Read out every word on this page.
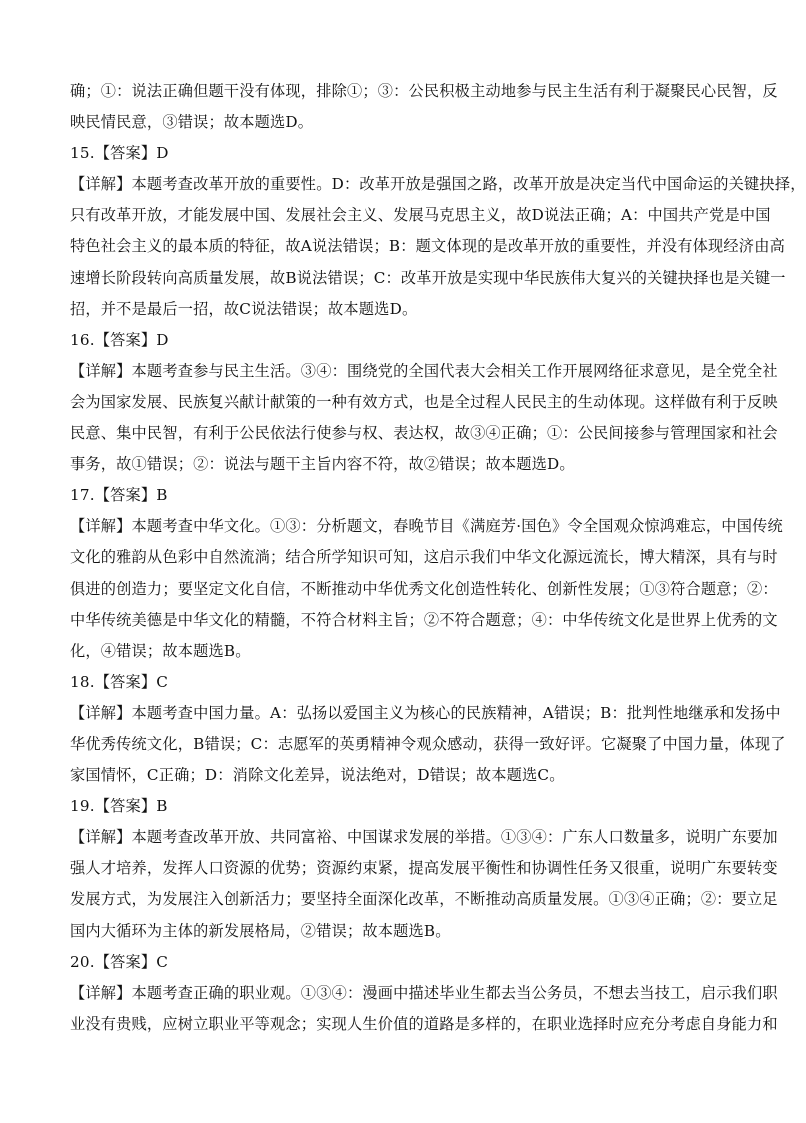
确；①：说法正确但题干没有体现，排除①；③：公民积极主动地参与民主生活有利于凝聚民心民智，反
映民情民意，③错误；故本题选D。
15.【答案】D
【详解】本题考查改革开放的重要性。D：改革开放是强国之路，改革开放是决定当代中国命运的关键抉择，
只有改革开放，才能发展中国、发展社会主义、发展马克思主义，故D说法正确；A：中国共产党是中国
特色社会主义的最本质的特征，故A说法错误；B：题文体现的是改革开放的重要性，并没有体现经济由高
速增长阶段转向高质量发展，故B说法错误；C：改革开放是实现中华民族伟大复兴的关键抉择也是关键一
招，并不是最后一招，故C说法错误；故本题选D。
16.【答案】D
【详解】本题考查参与民主生活。③④：围绕党的全国代表大会相关工作开展网络征求意见，是全党全社
会为国家发展、民族复兴献计献策的一种有效方式，也是全过程人民民主的生动体现。这样做有利于反映
民意、集中民智，有利于公民依法行使参与权、表达权，故③④正确；①：公民间接参与管理国家和社会
事务，故①错误；②：说法与题干主旨内容不符，故②错误；故本题选D。
17.【答案】B
【详解】本题考查中华文化。①③：分析题文，春晚节目《满庭芳·国色》令全国观众惊鸿难忘，中国传统
文化的雅韵从色彩中自然流淌；结合所学知识可知，这启示我们中华文化源远流长，博大精深，具有与时
俱进的创造力；要坚定文化自信，不断推动中华优秀文化创造性转化、创新性发展；①③符合题意；②：
中华传统美德是中华文化的精髓，不符合材料主旨；②不符合题意；④：中华传统文化是世界上优秀的文
化，④错误；故本题选B。
18.【答案】C
【详解】本题考查中国力量。A：弘扬以爱国主义为核心的民族精神，A错误；B：批判性地继承和发扬中
华优秀传统文化，B错误；C：志愿军的英勇精神令观众感动，获得一致好评。它凝聚了中国力量，体现了
家国情怀，C正确；D：消除文化差异，说法绝对，D错误；故本题选C。
19.【答案】B
【详解】本题考查改革开放、共同富裕、中国谋求发展的举措。①③④：广东人口数量多，说明广东要加
强人才培养，发挥人口资源的优势；资源约束紧，提高发展平衡性和协调性任务又很重，说明广东要转变
发展方式，为发展注入创新活力；要坚持全面深化改革，不断推动高质量发展。①③④正确；②：要立足
国内大循环为主体的新发展格局，②错误；故本题选B。
20.【答案】C
【详解】本题考查正确的职业观。①③④：漫画中描述毕业生都去当公务员，不想去当技工，启示我们职
业没有贵贱，应树立职业平等观念；实现人生价值的道路是多样的，在职业选择时应充分考虑自身能力和
